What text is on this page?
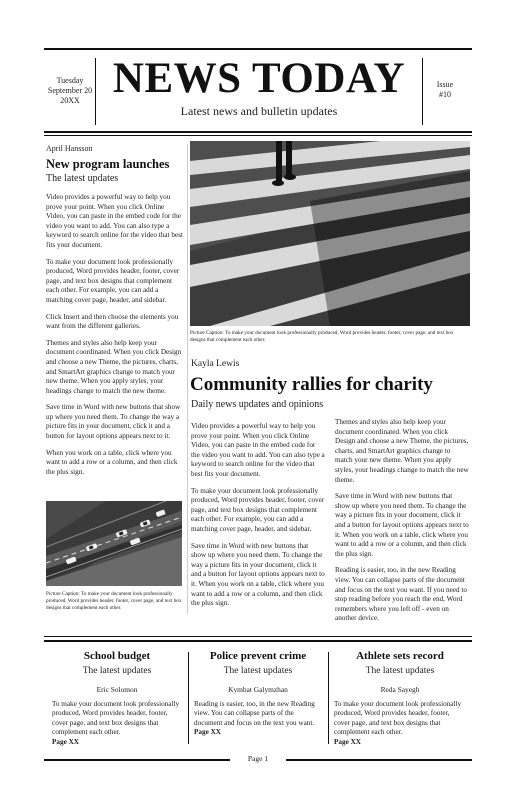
Tuesday
September 20
20XX NEWS TODAY
Latest news and bulletin updates
Issue
#10
April Hansson
New program launches
The latest updates

Video provides a powerful way to help you prove your point. When you click Online Video, you can paste in the embed code for the video you want to add. You can also type a keyword to search online for the video that best fits your document.

To make your document look professionally produced, Word provides header, footer, cover page, and text box designs that complement each other. For example, you can add a matching cover page, header, and sidebar.

Click Insert and then choose the elements you want from the different galleries.

Themes and styles also help keep your document coordinated. When you click Design and choose a new Theme, the pictures, charts, and SmartArt graphics change to match your new theme. When you apply styles, your headings change to match the new theme.

Save time in Word with new buttons that show up where you need them. To change the way a picture fits in your document, click it and a button for layout options appears next to it.

When you work on a table, click where you want to add a row or a column, and then click the plus sign.

Picture Caption: To make your document look professionally produced, Word provides header, footer, cover page, and text box designs that complement each other.
Picture Caption: To make your document look professionally produced, Word provides header, footer, cover page, and text box designs that complement each other.
Kayla Lewis
Community rallies for charity
Daily news updates and opinions

Video provides a powerful way to help you prove your point. When you click Online Video, you can paste in the embed code for the video you want to add. You can also type a keyword to search online for the video that best fits your document.

To make your document look professionally produced, Word provides header, footer, cover page, and text box designs that complement each other. For example, you can add a matching cover page, header, and sidebar.

Save time in Word with new buttons that show up where you need them. To change the way a picture fits in your document, click it and a button for layout options appears next to it. When you work on a table, click where you want to add a row or a column, and then click the plus sign.

Themes and styles also help keep your document coordinated. When you click Design and choose a new Theme, the pictures, charts, and SmartArt graphics change to match your new theme. When you apply styles, your headings change to match the new theme.

Save time in Word with new buttons that show up where you need them. To change the way a picture fits in your document, click it and a button for layout options appears next to it. When you work on a table, click where you want to add a row or a column, and then click the plus sign.

Reading is easier, too, in the new Reading view. You can collapse parts of the document and focus on the text you want. If you need to stop reading before you reach the end, Word remembers where you left off - even on another device.

School budget
The latest updates
Eric Solomon
To make your document look professionally produced, Word provides header, footer, cover page, and text box designs that complement each other.
Page XX
Police prevent crime
The latest updates
Kymbat Galymzhan
Reading is easier, too, in the new Reading view. You can collapse parts of the document and focus on the text you want.
Page XX
Athlete sets record
The latest updates
Reda Sayegh
To make your document look professionally produced, Word provides header, footer, cover page, and text box designs that complement each other.
Page XX
Page 1
